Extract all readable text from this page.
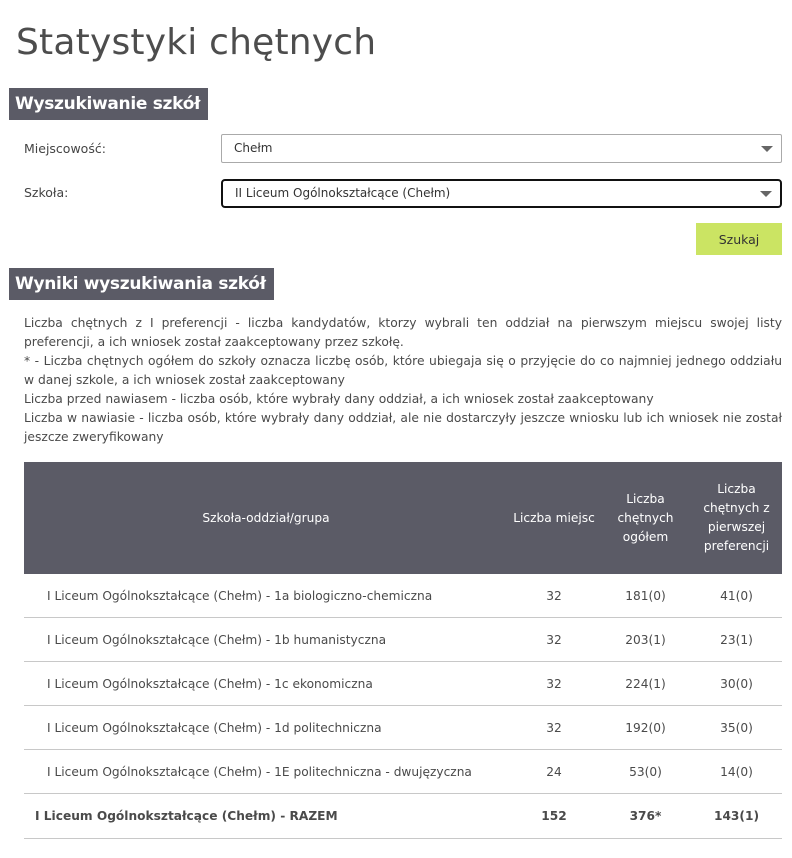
Statystyki chętnych
Wyszukiwanie szkół
Miejscowość:	Chełm
Szkoła:	II Liceum Ogólnokształcące (Chełm)
Szukaj
Wyniki wyszukiwania szkół

Liczba chętnych z I preferencji - liczba kandydatów, ktorzy wybrali ten oddział na pierwszym miejscu swojej listy preferencji, a ich wniosek został zaakceptowany przez szkołę.

* - Liczba chętnych ogółem do szkoły oznacza liczbę osób, które ubiegaja się o przyjęcie do co najmniej jednego oddziału w danej szkole, a ich wniosek został zaakceptowany

Liczba przed nawiasem - liczba osób, które wybrały dany oddział, a ich wniosek został zaakceptowany

Liczba w nawiasie - liczba osób, które wybrały dany oddział, ale nie dostarczyły jeszcze wniosku lub ich wniosek nie został jeszcze zweryfikowany

Szkoła-oddział/grupa	Liczba miejsc	Liczba chętnych ogółem	Liczba chętnych z pierwszej preferencji
I Liceum Ogólnokształcące (Chełm) - 1a biologiczno-chemiczna	32	181(0)	41(0)
I Liceum Ogólnokształcące (Chełm) - 1b humanistyczna	32	203(1)	23(1)
I Liceum Ogólnokształcące (Chełm) - 1c ekonomiczna	32	224(1)	30(0)
I Liceum Ogólnokształcące (Chełm) - 1d politechniczna	32	192(0)	35(0)
I Liceum Ogólnokształcące (Chełm) - 1E politechniczna - dwujęzyczna	24	53(0)	14(0)
I Liceum Ogólnokształcące (Chełm) - RAZEM	152	376*	143(1)
